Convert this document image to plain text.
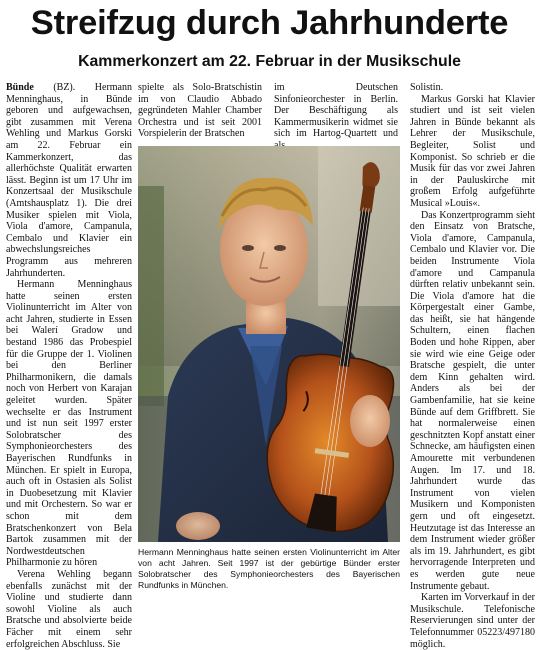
Streifzug durch Jahrhunderte
Kammerkonzert am 22. Februar in der Musikschule

Bünde (BZ). Hermann Menninghaus, in Bünde geboren und aufgewachsen, gibt zusammen mit Verena Wehling und Markus Gorski am 22. Februar ein Kammerkonzert, das allerhöchste Qualität erwarten lässt. Beginn ist um 17 Uhr im Konzertsaal der Musikschule (Amtshausplatz 1). Die drei Musiker spielen mit Viola, Viola d'amore, Campanula, Cembalo und Klavier ein abwechslungsreiches Programm aus mehreren Jahrhunderten.

Hermann Menninghaus hatte seinen ersten Violinunterricht im Alter von acht Jahren, studierte in Essen bei Walerí Gradow und bestand 1986 das Probespiel für die Gruppe der 1. Violinen bei den Berliner Philharmonikern, die damals noch von Herbert von Karajan geleitet wurden. Später wechselte er das Instrument und ist nun seit 1997 erster Solobratscher des Symphonieorchesters des Bayerischen Rundfunks in München. Er spielt in Europa, auch oft in Ostasien als Solist in Duobesetzung mit Klavier und mit Orchestern. So war er schon mit dem Bratschenkonzert von Bela Bartok zusammen mit der Nordwestdeutschen Philharmonie zu hören

Verena Wehling begann ebenfalls zunächst mit der Violine und studierte dann sowohl Violine als auch Bratsche und absolvierte beide Fächer mit einem sehr erfolgreichen Abschluss. Sie

spielte als Solo-Bratschistin im von Claudio Abbado gegründeten Mahler Chamber Orchestra und ist seit 2001 Vorspielerin der Bratschen
im Deutschen Sinfonieorchester in Berlin. Der Beschäftigung als Kammermusikerin widmet sie sich im Hartog-Quartett und

Hermann Menninghaus hatte seinen ersten Violinunterricht im Alter von acht Jahren. Seit 1997 ist der gebürtige Bünder erster Solobratscher des Symphonieorchesters des Bayerischen Rundfunks in München.

Solistin.

Markus Gorski hat Klavier studiert und ist seit vielen Jahren in Bünde bekannt als Lehrer der Musikschule, Begleiter, Solist und Komponist. So schrieb er die Musik für das vor zwei Jahren in der Pauluskirche mit großem Erfolg aufgeführte Musical »Louis«.

Das Konzertprogramm sieht den Einsatz von Bratsche, Viola d'amore, Campanula, Cembalo und Klavier vor. Die beiden Instrumente Viola d'amore und Campanula dürften relativ unbekannt sein. Die Viola d'amore hat die Körpergestalt einer Gambe, das heißt, sie hat hängende Schultern, einen flachen Boden und hohe Rippen, aber sie wird wie eine Geige oder Bratsche gespielt, die unter dem Kinn gehalten wird. Anders als bei der Gambenfamilie, hat sie keine Bünde auf dem Griffbrett. Sie hat normalerweise einen geschnitzten Kopf anstatt einer Schnecke, am häufigsten einen Amourette mit verbundenen Augen. Im 17. und 18. Jahrhundert wurde das Instrument von vielen Musikern und Komponisten gern und oft eingesetzt. Heutzutage ist das Interesse an dem Instrument wieder größer als im 19. Jahrhundert, es gibt hervorragende Interpreten und es werden gute neue Instrumente gebaut.

Karten im Vorverkauf in der Musikschule. Telefonische Reservierungen sind unter der Telefonnummer 05223/497180 möglich.
